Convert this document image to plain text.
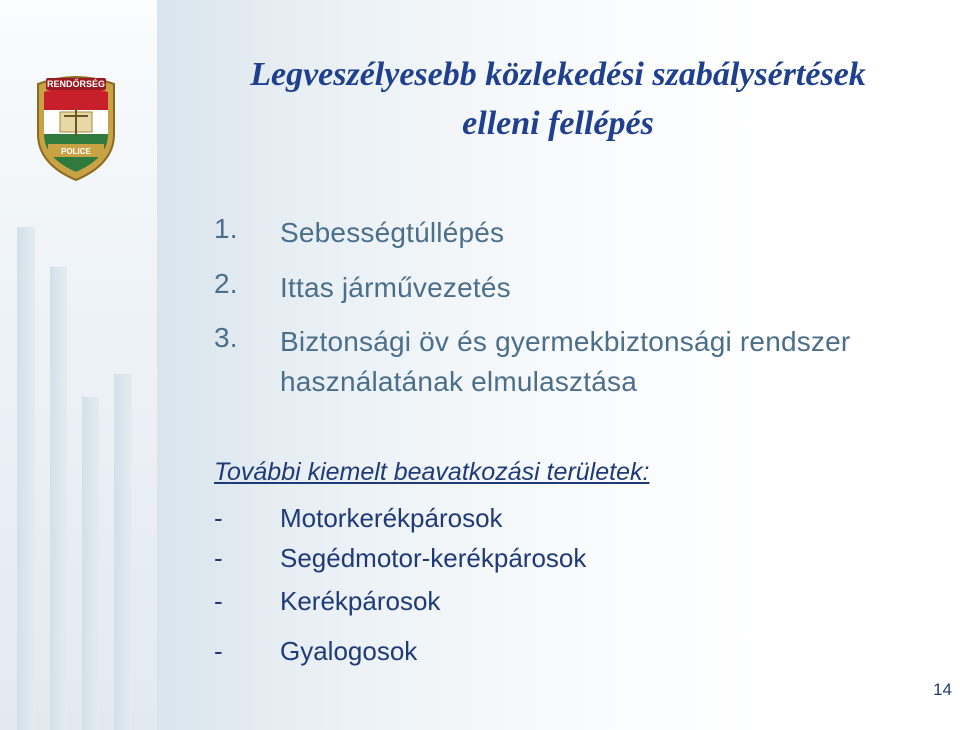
RENDŐRSÉG
POLICE
Legveszélyesebb közlekedési szabálysértések
elleni fellépés
1. Sebességtúllépés
2. Ittas járművezetés
3. Biztonsági öv és gyermekbiztonsági rendszer
használatának elmulasztása
További kiemelt beavatkozási területek:
- Motorkerékpárosok
- Segédmotor-kerékpárosok
- Kerékpárosok
- Gyalogosok
14
